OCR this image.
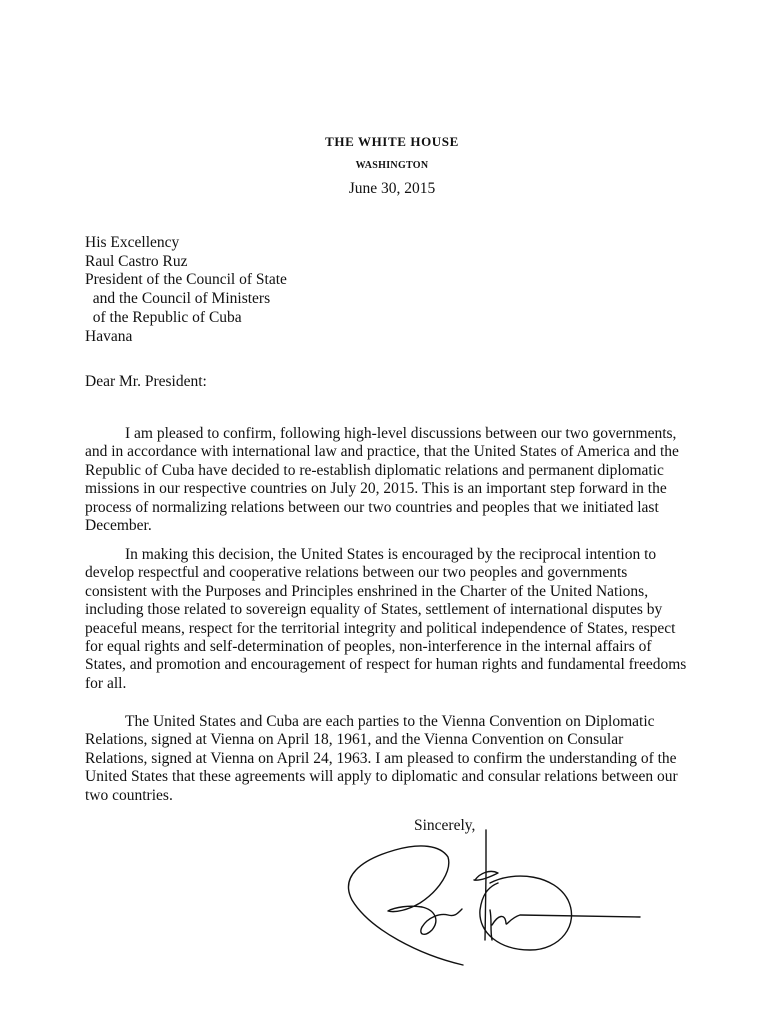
THE WHITE HOUSE
WASHINGTON
June 30, 2015
His Excellency
Raul Castro Ruz
President of the Council of State
and the Council of Ministers
of the Republic of Cuba
Havana
Dear Mr. President:
I am pleased to confirm, following high-level discussions between our two governments,
and in accordance with international law and practice, that the United States of America and the
Republic of Cuba have decided to re-establish diplomatic relations and permanent diplomatic
missions in our respective countries on July 20, 2015. This is an important step forward in the
process of normalizing relations between our two countries and peoples that we initiated last
December.
In making this decision, the United States is encouraged by the reciprocal intention to
develop respectful and cooperative relations between our two peoples and governments
consistent with the Purposes and Principles enshrined in the Charter of the United Nations,
including those related to sovereign equality of States, settlement of international disputes by
peaceful means, respect for the territorial integrity and political independence of States, respect
for equal rights and self-determination of peoples, non-interference in the internal affairs of
States, and promotion and encouragement of respect for human rights and fundamental freedoms
for all.
The United States and Cuba are each parties to the Vienna Convention on Diplomatic
Relations, signed at Vienna on April 18, 1961, and the Vienna Convention on Consular
Relations, signed at Vienna on April 24, 1963. I am pleased to confirm the understanding of the
United States that these agreements will apply to diplomatic and consular relations between our
two countries.
Sincerely,
